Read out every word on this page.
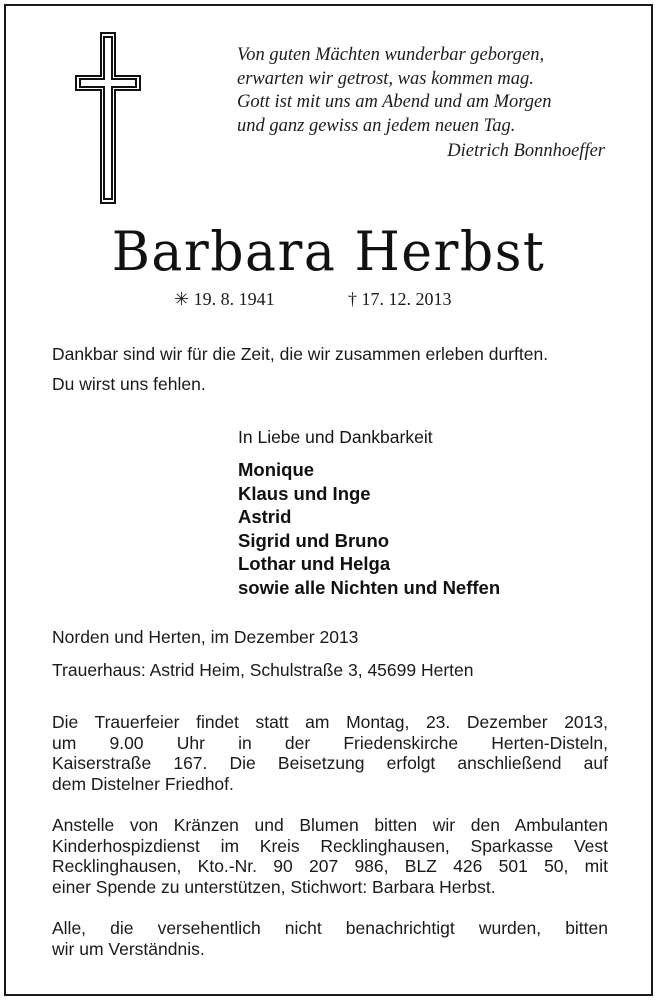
Von guten Mächten wunderbar geborgen,
erwarten wir getrost, was kommen mag.
Gott ist mit uns am Abend und am Morgen
und ganz gewiss an jedem neuen Tag.
Dietrich Bonnhoeffer
Barbara Herbst
✳ 19. 8. 1941	† 17. 12. 2013
Dankbar sind wir für die Zeit, die wir zusammen erleben durften.
Du wirst uns fehlen.
In Liebe und Dankbarkeit
Monique
Klaus und Inge
Astrid
Sigrid und Bruno
Lothar und Helga
sowie alle Nichten und Neffen
Norden und Herten, im Dezember 2013
Trauerhaus: Astrid Heim, Schulstraße 3, 45699 Herten
Die Trauerfeier findet statt am Montag, 23. Dezember 2013,
um 9.00 Uhr in der Friedenskirche Herten-Disteln,
Kaiserstraße 167. Die Beisetzung erfolgt anschließend auf
dem Distelner Friedhof.
Anstelle von Kränzen und Blumen bitten wir den Ambulanten
Kinderhospizdienst im Kreis Recklinghausen, Sparkasse Vest
Recklinghausen, Kto.-Nr. 90 207 986, BLZ 426 501 50, mit
einer Spende zu unterstützen, Stichwort: Barbara Herbst.
Alle, die versehentlich nicht benachrichtigt wurden, bitten
wir um Verständnis.
